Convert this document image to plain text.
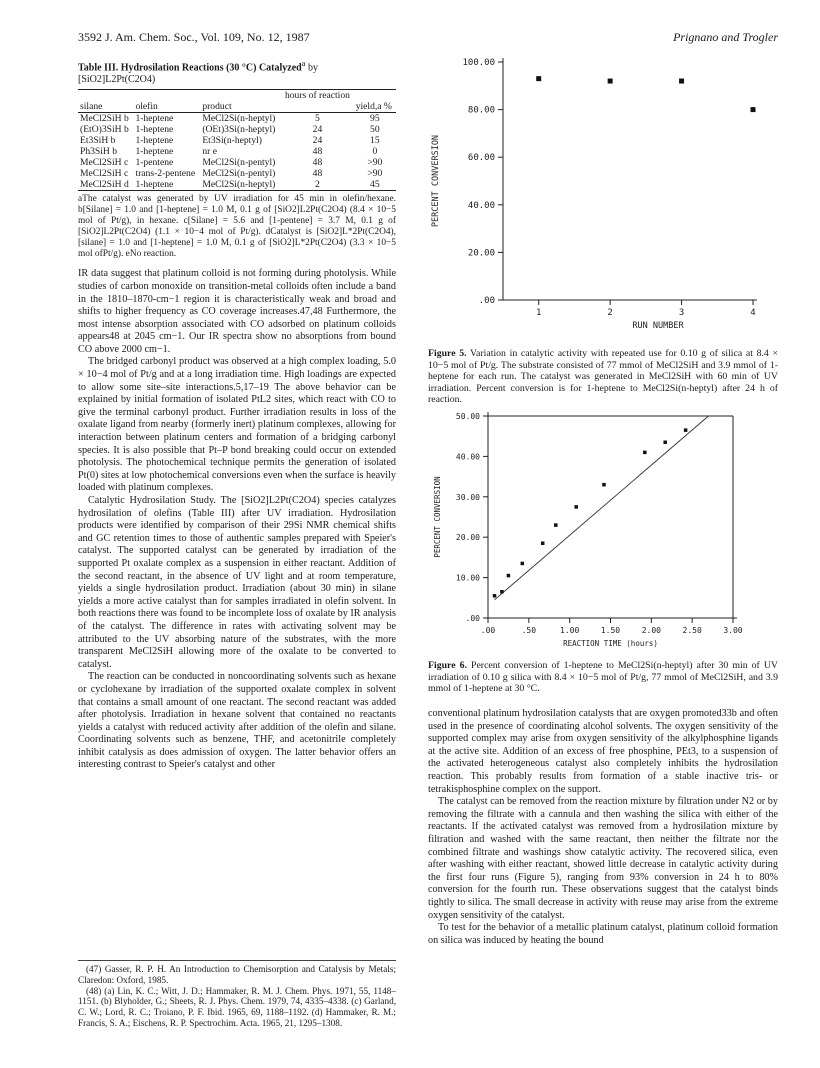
3592 J. Am. Chem. Soc., Vol. 109, No. 12, 1987	Prignano and Trogler
Table III. Hydrosilation Reactions (30 °C) Catalyzed$^a$ by [SiO2]L2Pt(C2O4)
			hours of reaction	
silane	olefin	product		yield,a %
MeCl2SiH b	1-heptene	MeCl2Si(n-heptyl)	5	95
(EtO)3SiH b	1-heptene	(OEt)3Si(n-heptyl)	24	50
Et3SiH b	1-heptene	Et3Si(n-heptyl)	24	15
Ph3SiH b	1-heptene	nr e	48	0
MeCl2SiH c	1-pentene	MeCl2Si(n-pentyl)	48	>90
MeCl2SiH c	trans-2-pentene	MeCl2Si(n-pentyl)	48	>90
MeCl2SiH d	1-heptene	MeCl2Si(n-heptyl)	2	45

aThe catalyst was generated by UV irradiation for 45 min in olefin/hexane. b[Silane] = 1.0 and [1-heptene] = 1.0 M, 0.1 g of [SiO2]L2Pt(C2O4) (8.4 × 10−5 mol of Pt/g), in hexane. c[Silane] = 5.6 and [1-pentene] = 3.7 M, 0.1 g of [SiO2]L2Pt(C2O4) (1.1 × 10−4 mol of Pt/g). dCatalyst is [SiO2]L*2Pt(C2O4), [silane] = 1.0 and [1-heptene] = 1.0 M, 0.1 g of [SiO2]L*2Pt(C2O4) (3.3 × 10−5 mol ofPt/g). eNo reaction.

IR data suggest that platinum colloid is not forming during photolysis. While studies of carbon monoxide on transition-metal colloids often include a band in the 1810–1870-cm−1 region it is characteristically weak and broad and shifts to higher frequency as CO coverage increases.47,48 Furthermore, the most intense absorption associated with CO adsorbed on platinum colloids appears48 at 2045 cm−1. Our IR spectra show no absorptions from bound CO above 2000 cm−1.

The bridged carbonyl product was observed at a high complex loading, 5.0 × 10−4 mol of Pt/g and at a long irradiation time. High loadings are expected to allow some site–site interactions.5,17–19 The above behavior can be explained by initial formation of isolated PtL2 sites, which react with CO to give the terminal carbonyl product. Further irradiation results in loss of the oxalate ligand from nearby (formerly inert) platinum complexes, allowing for interaction between platinum centers and formation of a bridging carbonyl species. It is also possible that Pt–P bond breaking could occur on extended photolysis. The photochemical technique permits the generation of isolated Pt(0) sites at low photochemical conversions even when the surface is heavily loaded with platinum complexes.

Catalytic Hydrosilation Study. The [SiO2]L2Pt(C2O4) species catalyzes hydrosilation of olefins (Table III) after UV irradiation. Hydrosilation products were identified by comparison of their 29Si NMR chemical shifts and GC retention times to those of authentic samples prepared with Speier's catalyst. The supported catalyst can be generated by irradiation of the supported Pt oxalate complex as a suspension in either reactant. Addition of the second reactant, in the absence of UV light and at room temperature, yields a single hydrosilation product. Irradiation (about 30 min) in silane yields a more active catalyst than for samples irradiated in olefin solvent. In both reactions there was found to be incomplete loss of oxalate by IR analysis of the catalyst. The difference in rates with activating solvent may be attributed to the UV absorbing nature of the substrates, with the more transparent MeCl2SiH allowing more of the oxalate to be converted to catalyst.

The reaction can be conducted in noncoordinating solvents such as hexane or cyclohexane by irradiation of the supported oxalate complex in solvent that contains a small amount of one reactant. The second reactant was added after photolysis. Irradiation in hexane solvent that contained no reactants yields a catalyst with reduced activity after addition of the olefin and silane. Coordinating solvents such as benzene, THF, and acetonitrile completely inhibit catalysis as does admission of oxygen. The latter behavior offers an interesting contrast to Speier's catalyst and other

(47) Gasser, R. P. H. An Introduction to Chemisorption and Catalysis by Metals; Claredon: Oxford, 1985.

(48) (a) Lin, K. C.; Witt, J. D.; Hammaker, R. M. J. Chem. Phys. 1971, 55, 1148–1151. (b) Blyholder, G.; Sheets, R. J. Phys. Chem. 1979, 74, 4335–4338. (c) Garland, C. W.; Lord, R. C.; Troiano, P. F. Ibid. 1965, 69, 1188–1192. (d) Hammaker, R. M.; Francis, S. A.; Eischens, R. P. Spectrochim. Acta. 1965, 21, 1295–1308.

100.00
80.00
60.00
40.00
20.00
.00
1	2	3	4
RUN NUMBER
PERCENT CONVERSION
Figure 5. Variation in catalytic activity with repeated use for 0.10 g of silica at 8.4 × 10−5 mol of Pt/g. The substrate consisted of 77 mmol of MeCl2SiH and 3.9 mmol of 1-heptene for each run. The catalyst was generated in MeCl2SiH with 60 min of UV irradiation. Percent conversion is for 1-heptene to MeCl2Si(n-heptyl) after 24 h of reaction.
50.00
40.00
30.00
20.00
10.00
.00
.00	.50	1.00	1.50	2.00	2.50	3.00
REACTION TIME (hours)
PERCENT CONVERSION
Figure 6. Percent conversion of 1-heptene to MeCl2Si(n-heptyl) after 30 min of UV irradiation of 0.10 g silica with 8.4 × 10−5 mol of Pt/g, 77 mmol of MeCl2SiH, and 3.9 mmol of 1-heptene at 30 °C.

conventional platinum hydrosilation catalysts that are oxygen promoted33b and often used in the presence of coordinating alcohol solvents. The oxygen sensitivity of the supported complex may arise from oxygen sensitivity of the alkylphosphine ligands at the active site. Addition of an excess of free phosphine, PEt3, to a suspension of the activated heterogeneous catalyst also completely inhibits the hydrosilation reaction. This probably results from formation of a stable inactive tris- or tetrakisphosphine complex on the support.

The catalyst can be removed from the reaction mixture by filtration under N2 or by removing the filtrate with a cannula and then washing the silica with either of the reactants. If the activated catalyst was removed from a hydrosilation mixture by filtration and washed with the same reactant, then neither the filtrate nor the combined filtrate and washings show catalytic activity. The recovered silica, even after washing with either reactant, showed little decrease in catalytic activity during the first four runs (Figure 5), ranging from 93% conversion in 24 h to 80% conversion for the fourth run. These observations suggest that the catalyst binds tightly to silica. The small decrease in activity with reuse may arise from the extreme oxygen sensitivity of the catalyst.

To test for the behavior of a metallic platinum catalyst, platinum colloid formation on silica was induced by heating the bound
